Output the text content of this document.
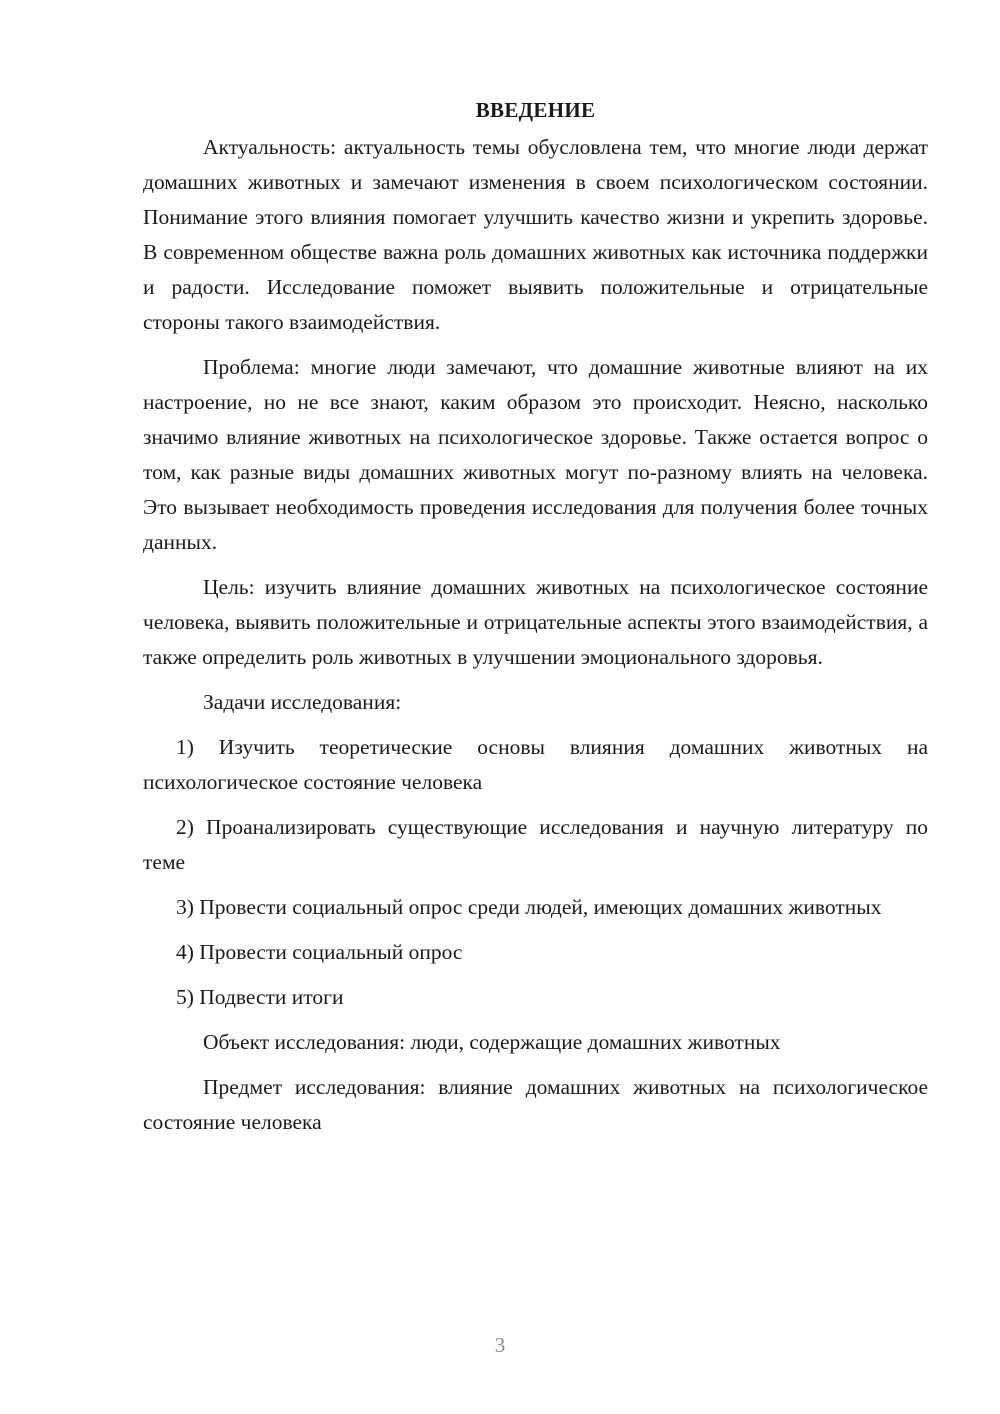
ВВЕДЕНИЕ

Актуальность: актуальность темы обусловлена тем, что многие люди держат домашних животных и замечают изменения в своем психологическом состоянии. Понимание этого влияния помогает улучшить качество жизни и укрепить здоровье. В современном обществе важна роль домашних животных как источника поддержки и радости. Исследование поможет выявить положительные и отрицательные стороны такого взаимодействия.

Проблема: многие люди замечают, что домашние животные влияют на их настроение, но не все знают, каким образом это происходит. Неясно, насколько значимо влияние животных на психологическое здоровье. Также остается вопрос о том, как разные виды домашних животных могут по-разному влиять на человека. Это вызывает необходимость проведения исследования для получения более точных данных.

Цель: изучить влияние домашних животных на психологическое состояние человека, выявить положительные и отрицательные аспекты этого взаимодействия, а также определить роль животных в улучшении эмоционального здоровья.

Задачи исследования:

1) Изучить теоретические основы влияния домашних животных на психологическое состояние человека

2) Проанализировать существующие исследования и научную литературу по теме

3) Провести социальный опрос среди людей, имеющих домашних животных

4) Провести социальный опрос

5) Подвести итоги

Объект исследования: люди, содержащие домашних животных

Предмет исследования: влияние домашних животных на психологическое состояние человека

3
